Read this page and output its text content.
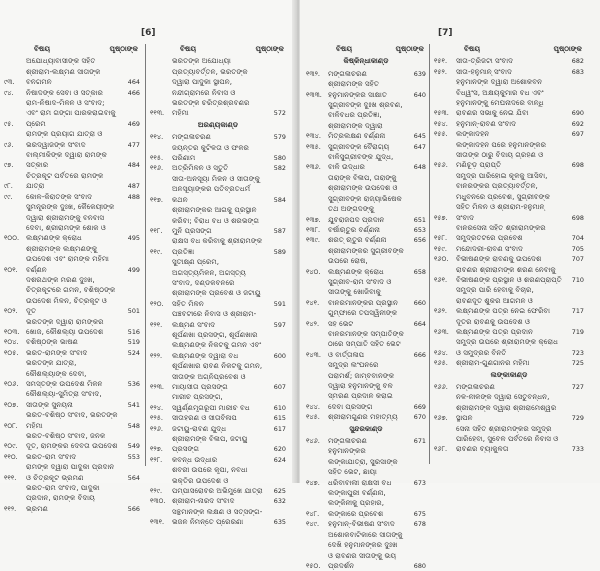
[6]
ବିଷୟ	ପୃଷ୍ଠାଙ୍କ
୯୩.
ଅଯୋଧ୍ୟାବାସୀଙ୍କ ସହିତ ଶ୍ରୀରାମ-ଲକ୍ଷ୍ମଣ ସୀତାଙ୍କ ବନଗମନ	464
୯୪.	ନିଷାଦଙ୍କ ସେବା ଓ ସତ୍କାର	466
୯୫.
ରାମ-ନିଷାଦ-ମିଳନ ଓ ସଂବାଦ; ଏବଂ ରାମ ଗଙ୍ଗା ପାରକରାଇବାକୁ ପ୍ରେମ	469
୯୬.
ରାମଙ୍କ ପ୍ରୟାଗ ଯାତ୍ରା ଓ ଭରଦ୍ୱାଜଙ୍କ ସଂବାଦ	477
୯୭.
ବାଲ୍ମୀକିଙ୍କ ଦ୍ୱାରା ରାମଙ୍କ ସତ୍କାର	484
୯୮.
ଚିତ୍ରକୂଟ ପର୍ବତରେ ରାମଙ୍କ ଯାତ୍ରା	487
୯୯.	କୋଳ-କିରାତଙ୍କ ସଂବାଦ	488
୧୦୦.
ସୁମନ୍ତ୍ରଙ୍କ ଦୁଃଖ, କୈକେୟୀଙ୍କ ଦ୍ୱାରା ଶ୍ରୀରାମଙ୍କୁ ବନବାସ ଦେବା, ଶ୍ରୀରାମଙ୍କ ଶୋକ ଓ ଲକ୍ଷ୍ମଣଙ୍କ କ୍ରୋଧ	495
୧୦୧.
ଶ୍ରୀରାମଙ୍କ ଲକ୍ଷ୍ମଣଙ୍କୁ ଉପଦେଶ ଏବଂ ରାମଙ୍କ ମହିମା ବର୍ଣ୍ଣନ	499
୧୦୨.
ଦଶରଥଙ୍କ ମରଣ ଦୁଃଖ, ଚିତ୍ରକୂଟରେ ଗମନ, ବଶିଷ୍ଠଙ୍କ ଉପଦେଶ ମିଳନ, ଚିତ୍ରକୂଟ ଓ ଦୂତ	501
୧୦୩.
ଭରତଙ୍କ ଦ୍ୱାରା ରାମଙ୍କର ଖୋଜ, କୌଶଲ୍ୟା ଉପଦେଶ	516
୧୦୪.	ବଶିଷ୍ଠଙ୍କ ଭାଷଣ	519
୧୦୫.	ଭରତ-ରାମଙ୍କ ସଂବାଦ	524
୧୦୬.
ଭରତଙ୍କ ଯାତ୍ରା, କୌଶଲ୍ୟାଙ୍କ ଦେବୀ, ସମସ୍ତଙ୍କ ଉପଦେଶ ମିଳନ	536
୧୦୭.
କୌଶଲ୍ୟା-ସୁମିତ୍ରା ସଂବାଦ, ସୀତାଙ୍କ ସୁନୟନା	541
୧୦୮.
ଭରତ-ବଶିଷ୍ଠ ସଂବାଦ, ଭରତଙ୍କ ମହିମା	548
୧୦୯.
ଭରତ-ବଶିଷ୍ଠ ସଂବାଦ, ଜନକ ଦୂତ, ରାମଙ୍କର ଦେବତା ଉପଦେଶ	549
୧୧୦.	ଭରତ-ରାମ ସଂବାଦ	553
୧୧୧.
ରାମଙ୍କ ଦ୍ୱାରା ପାଦୁକା ପ୍ରଦାନ ଓ ଚିତ୍ରକୂଟ ଭ୍ରମଣ	564
୧୧୨.
ଭରତ-ରାମ ସଂବାଦ, ପାଦୁକା ପ୍ରଦାନ, ରାମଙ୍କ ବିଦାୟ ଭ୍ରମଣ	566
ବିଷୟ	ପୃଷ୍ଠାଙ୍କ
୧୧୩.
ଭରତଙ୍କ ଅଯୋଧ୍ୟା ପ୍ରତ୍ୟାବର୍ତ୍ତନ, ଭରତଙ୍କ ଦ୍ୱାରା ପାଦୁକା ସ୍ଥାପନ, ନନ୍ଦୀଗ୍ରାମରେ ନିବାସ ଓ ଭରତଙ୍କ ଚରିତ୍ରଶ୍ରବଣର ମହିମା	572
ଅରଣ୍ୟକାଣ୍ଡ
୧୧୪.	ମଙ୍ଗଳାଚରଣ	579
୧୧୫.
ଜୟନ୍ତର କୁଟିଳତା ଓ ଫଳର ପରିଣାମ	580
୧୧୬.	ଅତ୍ରିମିଳନ ଓ ସ୍ତୁତି	582
୧୧୭.
ସୀତା-ଅନସୂୟା ମିଳନ ଓ ସୀତାଙ୍କୁ ଅନସୂୟାଙ୍କର ପତିବ୍ରତଧର୍ମ କଥନ	584
୧୧୮.
ଶ୍ରୀରାମଙ୍କର ଆଗକୁ ପ୍ରସ୍ଥାନ କରିବା; ବିରାଧ ବଧ ଓ ଶରଭଙ୍ଗ ମୁନି ପ୍ରସଙ୍ଗ	587
୧୧୯.
ରାକ୍ଷସ ବଧ କରିବାକୁ ଶ୍ରୀରାମଙ୍କ ପ୍ରତିଜ୍ଞା	589
୧୨୦.
ସୁତୀକ୍ଷ୍ଣ ପ୍ରେମ, ଅଗସ୍ତ୍ୟମିଳନ, ଅଗସ୍ତ୍ୟ ସଂବାଦ, ଦଣ୍ଡକବନରେ ଶ୍ରୀରାମଙ୍କ ପ୍ରବେଶ ଓ ଜଟାୟୁ ସହିତ ମିଳନ	591
୧୨୧.
ପଞ୍ଚବଟୀରେ ନିବାସ ଓ ଶ୍ରୀରାମ-ଲକ୍ଷ୍ମଣ ସଂବାଦ	597
୧୨୨.
ଶୂର୍ପଣଖା ପ୍ରସଙ୍ଗ, ଶୂର୍ପଣଖାର ଲକ୍ଷ୍ମଣଙ୍କ ନିକଟକୁ ଗମନ ଏବଂ ଲକ୍ଷ୍ମଣଙ୍କ ଦ୍ୱାରା ବଧ	600
୧୨୩.
ଶୂର୍ପଣଖାର ରାବଣ ନିକଟକୁ ଗମନ, ସୀତାଙ୍କ ଅଗ୍ନିପ୍ରବେଶ ଓ ମାୟାସୀତା ପ୍ରସଙ୍ଗ	607
୧୨୪.
ମାରୀଚ ପ୍ରସଙ୍ଗ, ସ୍ୱର୍ଣ୍ଣମୃଗରୂପୀ ମାରୀଚ ବଧ	610
୧୨୫.	ସୀତାହରଣ ଓ ସୀତାବିଳାପ	615
୧୨୬.	ଜଟାୟୁ-ରାବଣ ଯୁଦ୍ଧ	617
୧୨୭.
ଶ୍ରୀରାମଙ୍କ ବିଳାପ, ଜଟାୟୁ ପ୍ରସଙ୍ଗ	620
୧୨୮.	କବନ୍ଧ ଉଦ୍ଧାର	624
୧୨୯.
ଶବରୀ ଉପରେ କୃପା, ନବଧା ଭକ୍ତିର ଉପଦେଶ ଓ ପମ୍ପାସରୋବର ଅଭିମୁଖେ ଯାତ୍ରା	625
୧୩୦. ଶ୍ରୀରାମ-ନାରଦ ସଂବାଦ	632
୧୩୧.
ସନ୍ଥମାନଙ୍କ ଲକ୍ଷଣ ଓ ସତ୍ସଙ୍ଗ-ଭଜନ ନିମନ୍ତେ ପ୍ରେରଣା	635
[7]
ବିଷୟ	ପୃଷ୍ଠାଙ୍କ
କିଷ୍କିନ୍ଧାକାଣ୍ଡ
୧୩୨.	ମଙ୍ଗଳାଚରଣ	639
୧୩୩.
ଶ୍ରୀରାମଙ୍କ ସହିତ ହନୁମାନଙ୍କର ସାକ୍ଷାତ	640
୧୩୪.
ସୁଗ୍ରୀବଙ୍କ ଦୁଃଖ ଶ୍ରବଣ, ବାଳିବଧର ପ୍ରତିଜ୍ଞା, ଶ୍ରୀରାମଙ୍କ ଦ୍ୱାରା ମିତ୍ରଲକ୍ଷଣ ବର୍ଣ୍ଣନା	645
୧୩୫. ସୁଗ୍ରୀବଙ୍କ ବୈରାଗ୍ୟ	647
୧୩୬.
ବାଳିସୁଗ୍ରୀବଙ୍କ ଯୁଦ୍ଧ, ବାଳି ଉଦ୍ଧାର	648
୧୩୭.
ତାରାଙ୍କ ବିଳାପ, ତାରାଙ୍କୁ ଶ୍ରୀରାମଙ୍କ ଉପଦେଶ ଓ ସୁଗ୍ରୀବଙ୍କ ରାଜ୍ୟାଭିଷେକ ତଥ ଅଙ୍ଗଦଙ୍କୁ ଯୁବରାଜପଦ ପ୍ରଦାନ	651
୧୩୮.	ବର୍ଷାଋତୁର ବର୍ଣ୍ଣନା	653
୧୩୯.	ଶରତ୍ ଋତୁର ବର୍ଣ୍ଣନା	656
୧୪୦.
ଶ୍ରୀରାମଙ୍କର ସୁଗ୍ରୀବଙ୍କ ଉପରେ ରୋଷ, ଲକ୍ଷ୍ମଣଙ୍କ କ୍ରୋଧ	658
୧୪୧.
ସୁଗ୍ରୀବ-ରାମ ସଂବାଦ ଓ ସୀତାଙ୍କୁ ଖୋଜିବାକୁ ବାନରମାନଙ୍କର ପ୍ରସ୍ଥାନ	660
୧୪୨.
ଗୁମ୍ଫାରେ ତପସ୍ୱିନୀଙ୍କ ସହ ଭେଟ	664
୧୪୩.
ବାନରମାନଙ୍କ ସମ୍ପାତିଙ୍କ ଠାରେ ସମ୍ପାତି ସହିତ ଭେଟ ଓ ବାର୍ତ୍ତାଳାପ	666
୧୪୪.
ସମୁଦ୍ର ଲଂଘନରେ ପରାମର୍ଶ; ଜାମ୍ବବାନଙ୍କ ଦ୍ୱାରା ହନୁମାନଙ୍କୁ ବଳ ସ୍ମରଣ ପ୍ରଦାନ କରାଇ ଦେବା ପ୍ରସଙ୍ଗ	669
୧୪୫.	ଶ୍ରୀରାମଗୁଣର ମହାତ୍ମ୍ୟ	670
ସୁନ୍ଦରକାଣ୍ଡ
୧୪୬.	ମଙ୍ଗଳାଚରଣ	671
୧୪୭.
ହନୁମାନଙ୍କର ଲଙ୍କାଯାତ୍ରା, ସୁରସାଙ୍କ ସହିତ ଭେଟ, ଛାୟା ଧରିବାବାଲୀ ରାକ୍ଷସୀ ବଧ	673
୧୪୮.
ଲଙ୍କାପୁରୀ ବର୍ଣ୍ଣନା, ଲଙ୍କିନୀକୁ ପ୍ରହାର, ଲଙ୍କାରେ ପ୍ରବେଶ	675
୧୪୯.	ହନୁମାନ୍-ବିଭୀଷଣ ସଂବାଦ	678
୧୫୦.
ଅଶୋକବାଟିକାରେ ସୀତାଙ୍କୁ ଦେଖି ହନୁମାନଙ୍କର ଦୁଃଖ ଓ ରାବଣର ସୀତାଙ୍କୁ ଭୟ ପ୍ରଦର୍ଶନ	680
ବିଷୟ	ପୃଷ୍ଠାଙ୍କ
୧୫୧.	ସୀତା-ତ୍ରିଜଟା ସଂବାଦ	682
୧୫୨.	ସୀତା-ହନୁମାନ୍ ସଂବାଦ	683
୧୫୩.
ହନୁମାନଙ୍କ ଦ୍ୱାରା ଅଶୋକବନ ବିଧ୍ୱଂସ, ଅକ୍ଷୟକୁମାର ବଧ ଏବଂ ହନୁମାନଙ୍କୁ ମେଘନାଦରେ ବାନ୍ଧି ରାବଣର ସଭାକୁ ନେଇ ଯିବା	690
୧୫୪.	ହନୁମାନ୍-ରାବଣ ସଂବାଦ	692
୧୫୫.	ଲଙ୍କାଦହନ	697
୧୫୬.
ଲଙ୍କାଦହନ ପରେ ହନୁମାନଙ୍କର ସୀତାଙ୍କ ଠାରୁ ବିଦାୟ ଗ୍ରହଣ ଓ ମଣିଚୂଡ଼ ପ୍ରାପ୍ତି	698
୧୫୭.
ସମୁଦ୍ର ପାରିହୋଇ କୂଳକୁ ଆସିବା, ବାନରଙ୍କର ପ୍ରତ୍ୟାବର୍ତ୍ତନ, ମଧୁବନରେ ପ୍ରବେଶ, ସୁଗ୍ରୀବଙ୍କ ସହିତ ମିଳନ ଓ ଶ୍ରୀରାମ-ହନୁମାନ୍ ସଂବାଦ	698
୧୫୮.
ବାନରସେନା ସହିତ ଶ୍ରୀରାମଙ୍କର ସମୁଦ୍ରତଟରେ ପ୍ରବେଶ	704
୧୫୯.	ମନ୍ଦୋଦରୀ-ରାବଣ ସଂବାଦ	705
୧୬୦.	ବିଭୀଷଣଙ୍କ ରାବଣକୁ ଉପଦେଶ	707
୧୬୧.
ରାବଣର ଶ୍ରୀରାମଙ୍କ ଶରଣ ନେବାକୁ ବିଭୀଷଣଙ୍କ ପ୍ରସ୍ଥାନ ଓ ଶରଣପ୍ରାପ୍ତି	710
୧୬୨.
ସମୁଦ୍ର ପାରି ହେବାକୁ ବିଚାର, ରାବଣଦୂତ ଶୁକର ଆଗମନ ଓ ଲକ୍ଷ୍ମଣଙ୍କ ପତ୍ର ନେଇ ଫେରିବା	717
୧୬୩.
ଦୂତର ରାବଣକୁ ଉପଦେଶ ଓ ଲକ୍ଷ୍ମଣଙ୍କ ପତ୍ର ପ୍ରଦାନ	719
୧୬୪.
ସମୁଦ୍ର ଉପରେ ଶ୍ରୀରାମଙ୍କ କ୍ରୋଧ ଓ ସମୁଦ୍ରର ବିନତି	723
୧୬୫.	ଶ୍ରୀରାମ-ଗୁଣଗାନର ମହିମା	725
ଲଙ୍କାକାଣ୍ଡ
୧୬୬.	ମଙ୍ଗଳାଚରଣ	727
୧୬୭.
ନଳ-ନୀଳଙ୍କ ଦ୍ୱାରା ସେତୁବନ୍ଧନ, ଶ୍ରୀରାମଙ୍କ ଦ୍ୱାରା ଶ୍ରୀରାମେଶ୍ୱର ସ୍ଥାପନ	729
୧୬୮.
ସେନା ସହିତ ଶ୍ରୀରାମଙ୍କର ସମୁଦ୍ର ପାରିହେବା, ସୁବେଳ ପର୍ବତରେ ନିବାସ ଓ ରାବଣର ବ୍ୟାକୁଳତା	733
